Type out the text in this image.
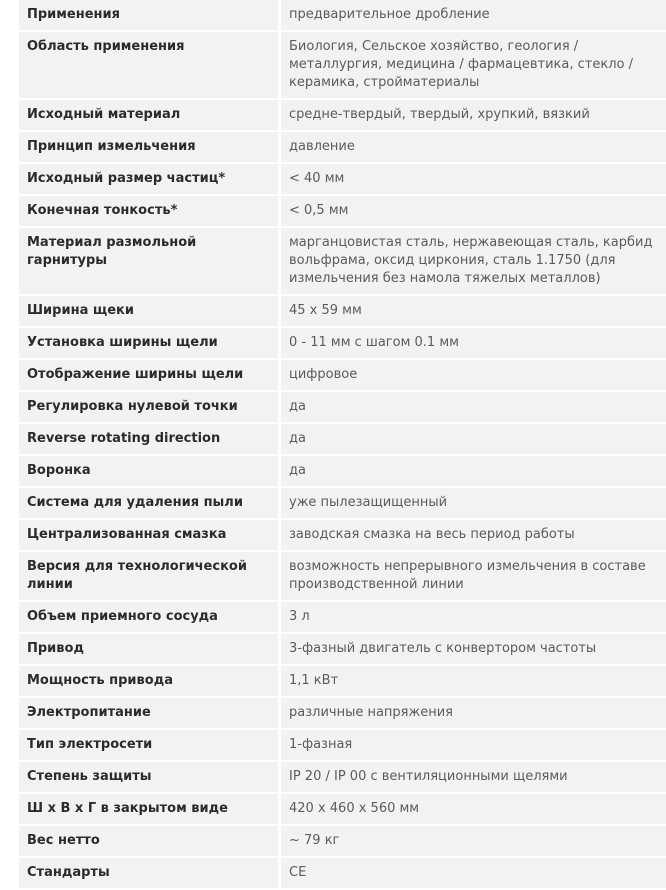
Применения	предварительное дробление
Область применения	Биология, Сельское хозяйство, геология / металлургия, медицина / фармацевтика, стекло / керамика, стройматериалы
Исходный материал	средне-твердый, твердый, хрупкий, вязкий
Принцип измельчения	давление
Исходный размер частиц*	< 40 мм
Конечная тонкость*	< 0,5 мм
Материал размольной гарнитуры	марганцовистая сталь, нержавеющая сталь, карбид вольфрама, оксид циркония, сталь 1.1750 (для измельчения без намола тяжелых металлов)
Ширина щеки	45 x 59 мм
Установка ширины щели	0 - 11 мм с шагом 0.1 мм
Отображение ширины щели	цифровое
Регулировка нулевой точки	да
Reverse rotating direction	да
Воронка	да
Система для удаления пыли	уже пылезащищенный
Централизованная смазка	заводская смазка на весь период работы
Версия для технологической линии	возможность непрерывного измельчения в составе производственной линии
Объем приемного сосуда	3 л
Привод	3-фазный двигатель с конвертором частоты
Мощность привода	1,1 кВт
Электропитание	различные напряжения
Тип электросети	1-фазная
Степень защиты	IP 20 / IP 00 с вентиляционными щелями
Ш х В х Г в закрытом виде	420 x 460 x 560 мм
Вес нетто	~ 79 кг
Стандарты	CE
